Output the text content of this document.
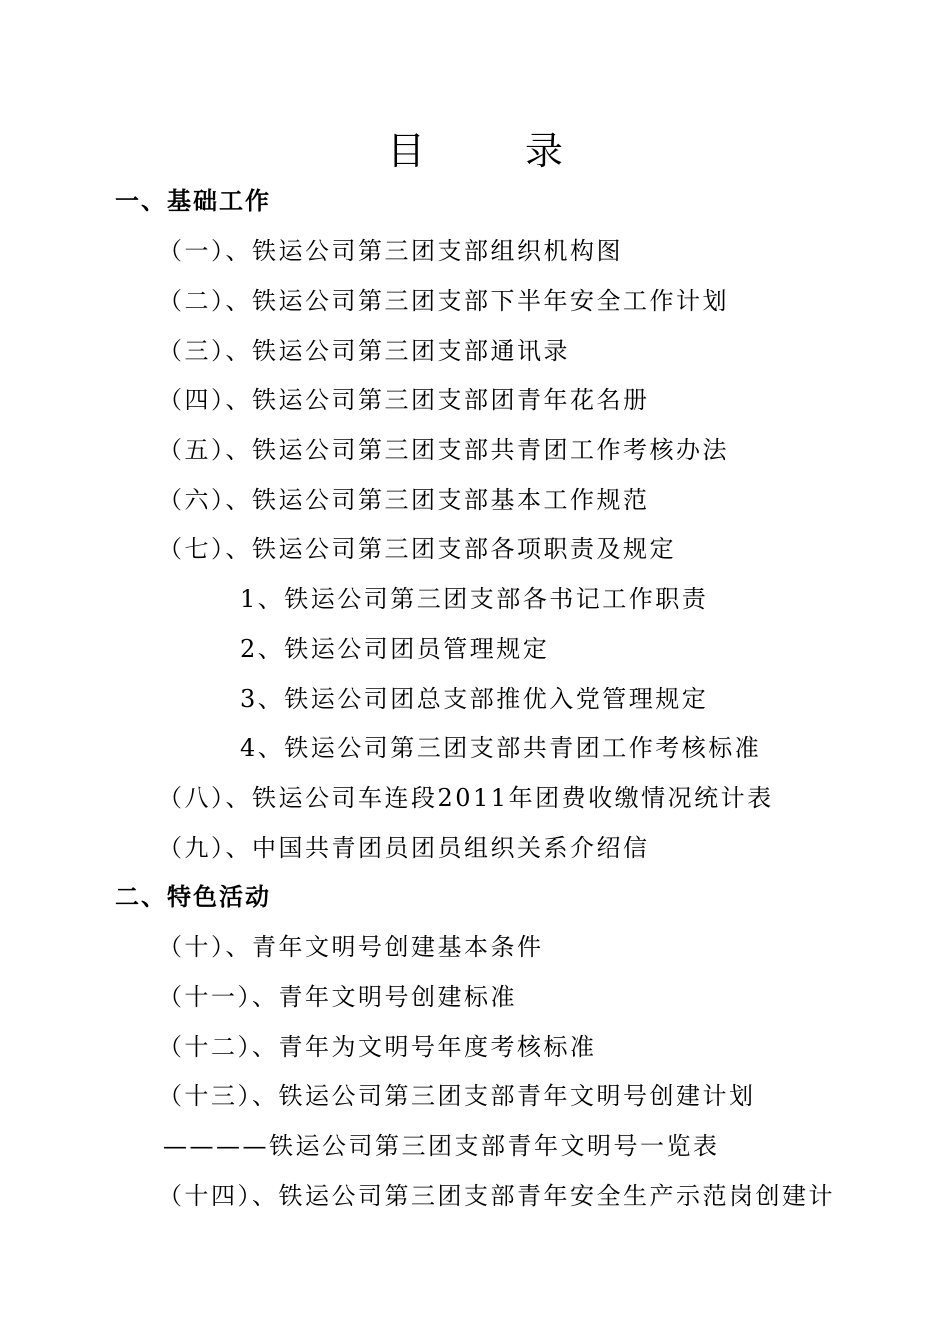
目 录
一、基础工作
（一）、铁运公司第三团支部组织机构图
（二）、铁运公司第三团支部下半年安全工作计划
（三）、铁运公司第三团支部通讯录
（四）、铁运公司第三团支部团青年花名册
（五）、铁运公司第三团支部共青团工作考核办法
（六）、铁运公司第三团支部基本工作规范
（七）、铁运公司第三团支部各项职责及规定
1、铁运公司第三团支部各书记工作职责
2、铁运公司团员管理规定
3、铁运公司团总支部推优入党管理规定
4、铁运公司第三团支部共青团工作考核标准
（八）、铁运公司车连段2011年团费收缴情况统计表
（九）、中国共青团员团员组织关系介绍信
二、特色活动
（十）、青年文明号创建基本条件
（十一）、青年文明号创建标准
（十二）、青年为文明号年度考核标准
（十三）、铁运公司第三团支部青年文明号创建计划
————铁运公司第三团支部青年文明号一览表
（十四）、铁运公司第三团支部青年安全生产示范岗创建计
